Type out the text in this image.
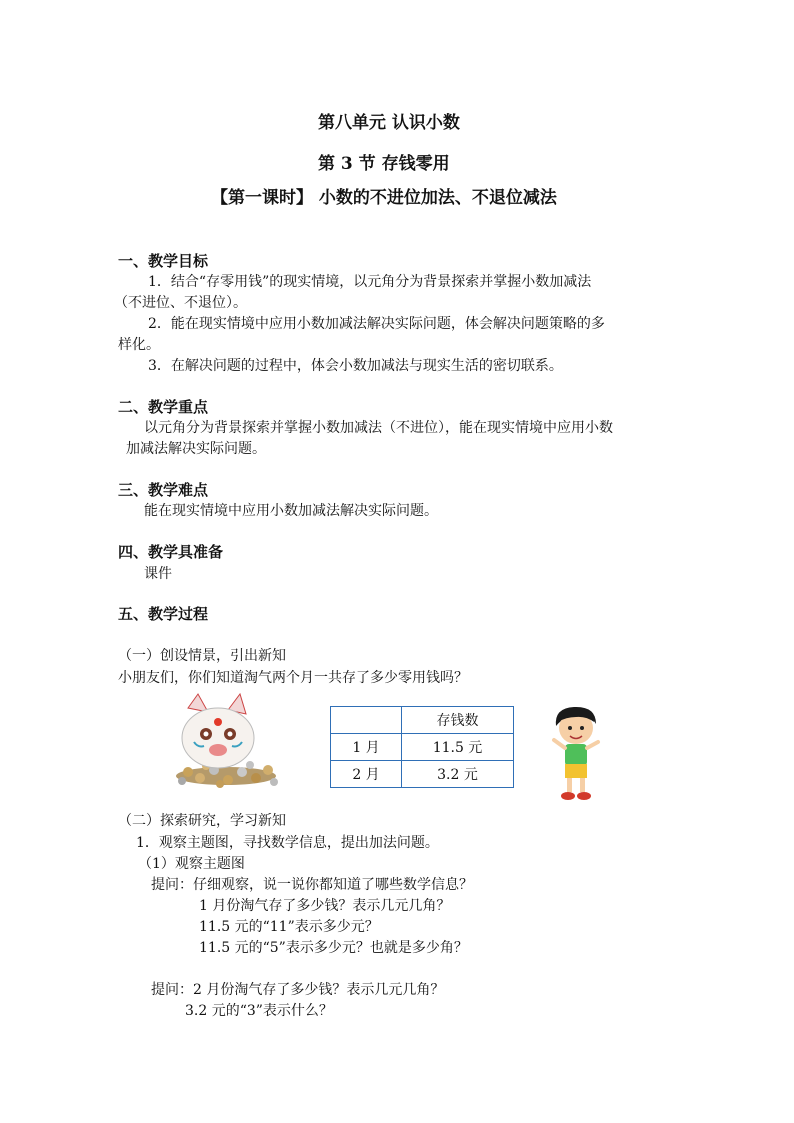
第八单元 认识小数
第 3 节 存钱零用
【第一课时】 小数的不进位加法、不退位减法
一、教学目标
1．结合“存零用钱”的现实情境，以元角分为背景探索并掌握小数加减法
（不进位、不退位）。
2．能在现实情境中应用小数加减法解决实际问题，体会解决问题策略的多
样化。
3．在解决问题的过程中，体会小数加减法与现实生活的密切联系。
二、教学重点
以元角分为背景探索并掌握小数加减法（不进位），能在现实情境中应用小数
加减法解决实际问题。
三、教学难点
能在现实情境中应用小数加减法解决实际问题。
四、教学具准备
课件
五、教学过程
（一）创设情景，引出新知
小朋友们，你们知道淘气两个月一共存了多少零用钱吗？
	存钱数
1 月	11.5 元
2 月	3.2 元
（二）探索研究，学习新知
1．观察主题图，寻找数学信息，提出加法问题。
（1）观察主题图
提问：仔细观察，说一说你都知道了哪些数学信息？
1 月份淘气存了多少钱？表示几元几角？
11.5 元的“11”表示多少元？
11.5 元的“5”表示多少元？也就是多少角？
提问：2 月份淘气存了多少钱？表示几元几角？
3.2 元的“3”表示什么？
